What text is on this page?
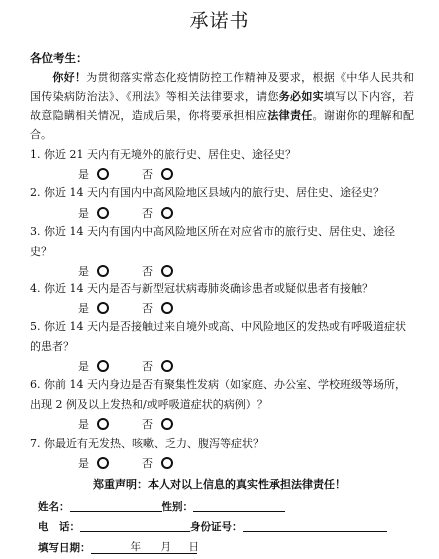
承诺书
各位考生：
  你好！为贯彻落实常态化疫情防控工作精神及要求，根据《中华人民共和国传染病防治法》、《刑法》等相关法律要求，请您务必如实填写以下内容，若故意隐瞒相关情况，造成后果，你将要承担相应法律责任。谢谢你的理解和配合。
1. 你近 21 天内有无境外的旅行史、居住史、途径史？
是	否
2. 你近 14 天内有国内中高风险地区县域内的旅行史、居住史、途径史？
是	否
3. 你近 14 天内有国内中高风险地区所在对应省市的旅行史、居住史、途径史？
是	否
4. 你近 14 天内是否与新型冠状病毒肺炎确诊患者或疑似患者有接触？
是	否
5. 你近 14 天内是否接触过来自境外或高、中风险地区的发热或有呼吸道症状的患者？
是	否
6. 你前 14 天内身边是否有聚集性发病（如家庭、办公室、学校班级等场所，出现 2 例及以上发热和/或呼吸道症状的病例）？
是	否
7. 你最近有无发热、咳嗽、乏力、腹泻等症状？
是	否
郑重声明：本人对以上信息的真实性承担法律责任！
姓名：	性别：
电　话：	身份证号：
填写日期：	年 月 日
